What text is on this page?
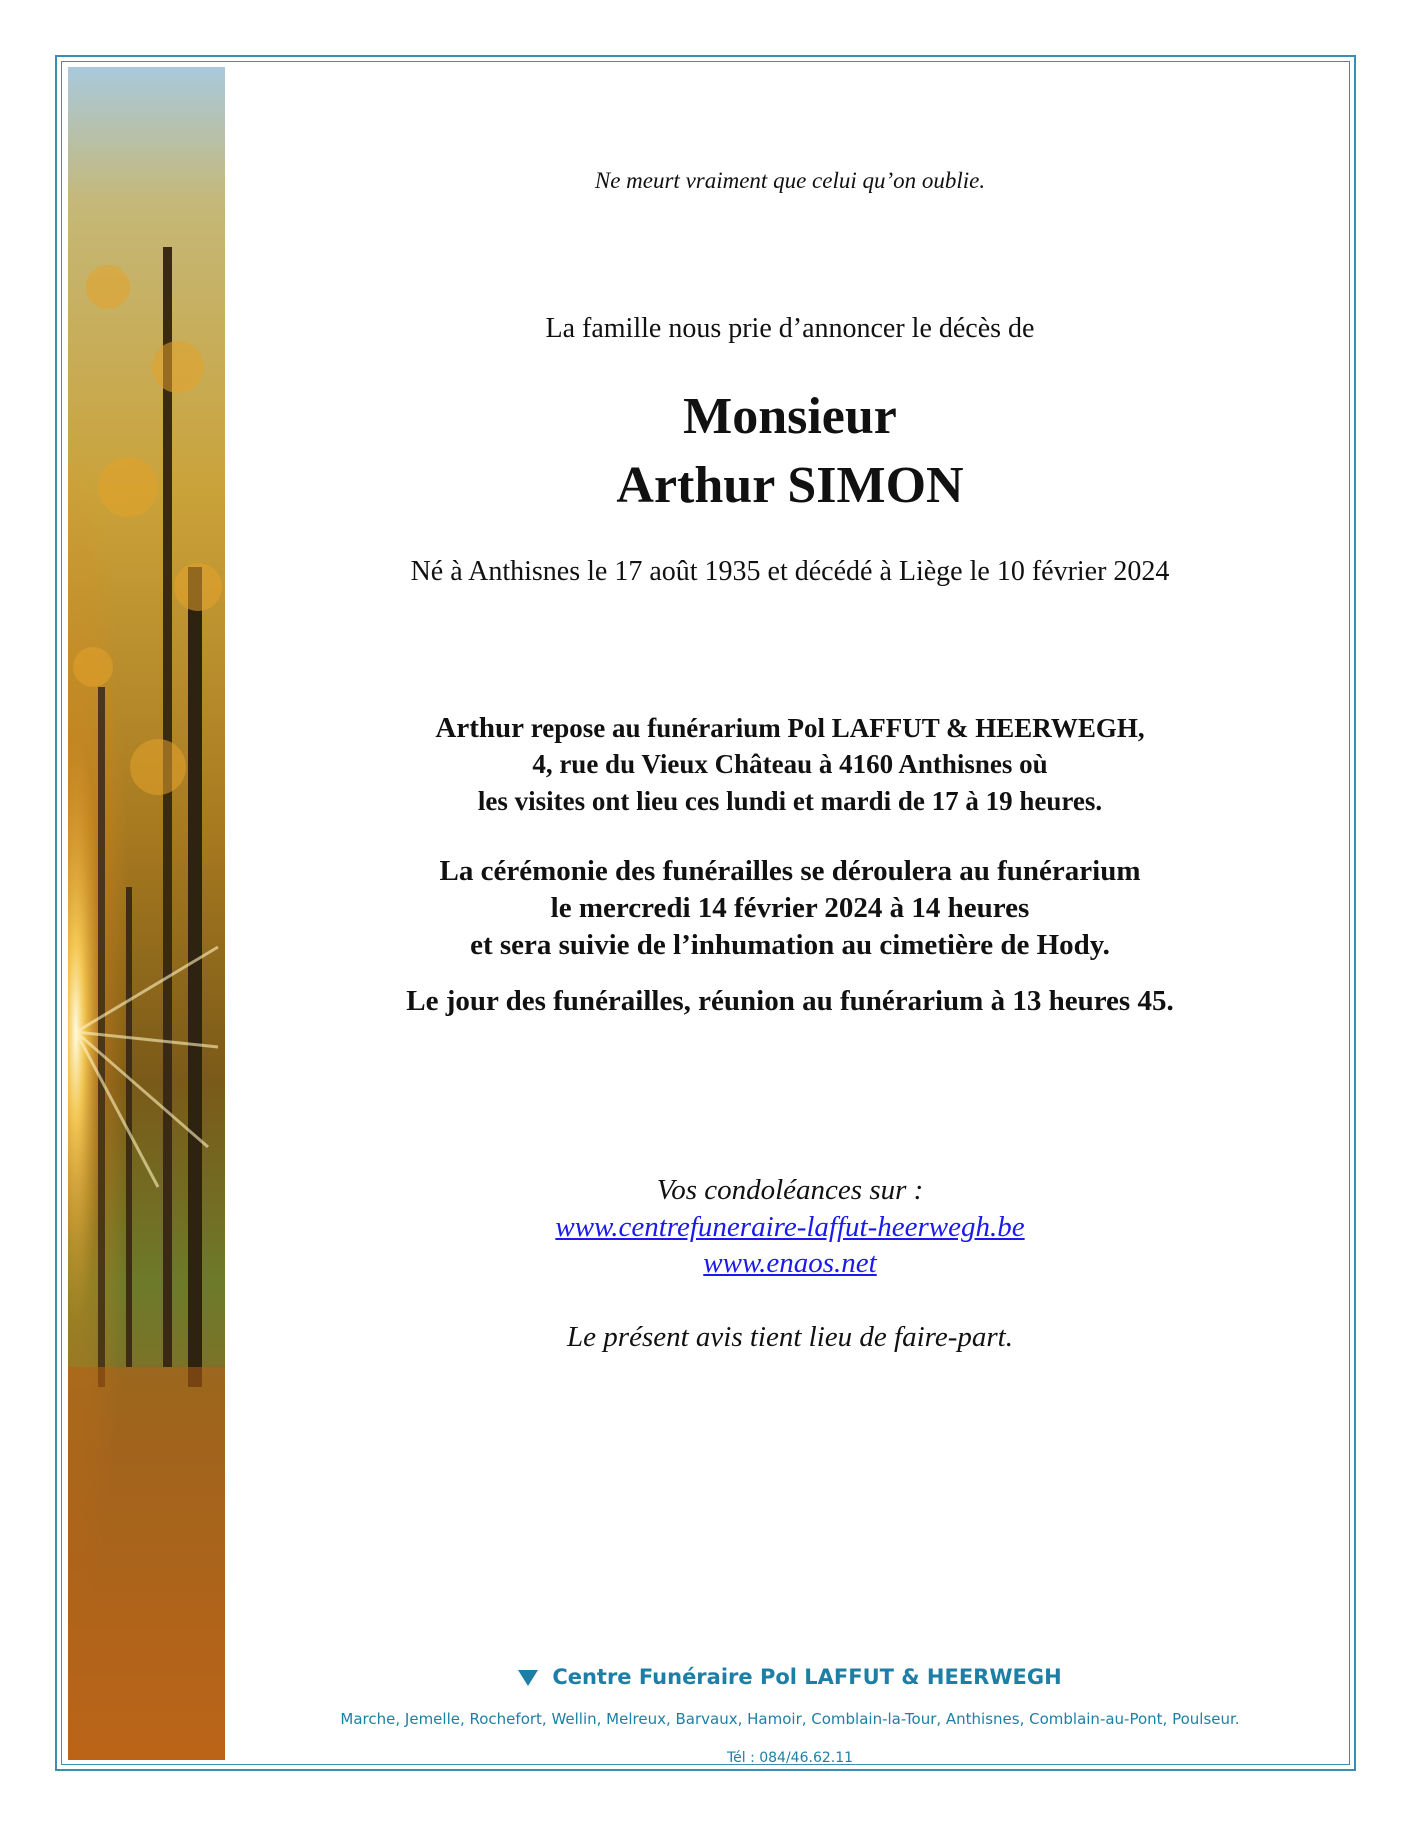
Ne meurt vraiment que celui qu’on oublie.
La famille nous prie d’annoncer le décès de
Monsieur
Arthur SIMON
Né à Anthisnes le 17 août 1935 et décédé à Liège le 10 février 2024
Arthur repose au funérarium Pol LAFFUT & HEERWEGH,
4, rue du Vieux Château à 4160 Anthisnes où
les visites ont lieu ces lundi et mardi de 17 à 19 heures.
La cérémonie des funérailles se déroulera au funérarium
le mercredi 14 février 2024 à 14 heures
et sera suivie de l’inhumation au cimetière de Hody.
Le jour des funérailles, réunion au funérarium à 13 heures 45.
Vos condoléances sur :
www.centrefuneraire-laffut-heerwegh.be
www.enaos.net
Le présent avis tient lieu de faire-part.
Centre Funéraire Pol LAFFUT & HEERWEGH
Marche, Jemelle, Rochefort, Wellin, Melreux, Barvaux, Hamoir, Comblain-la-Tour, Anthisnes, Comblain-au-Pont, Poulseur.
Tél : 084/46.62.11
